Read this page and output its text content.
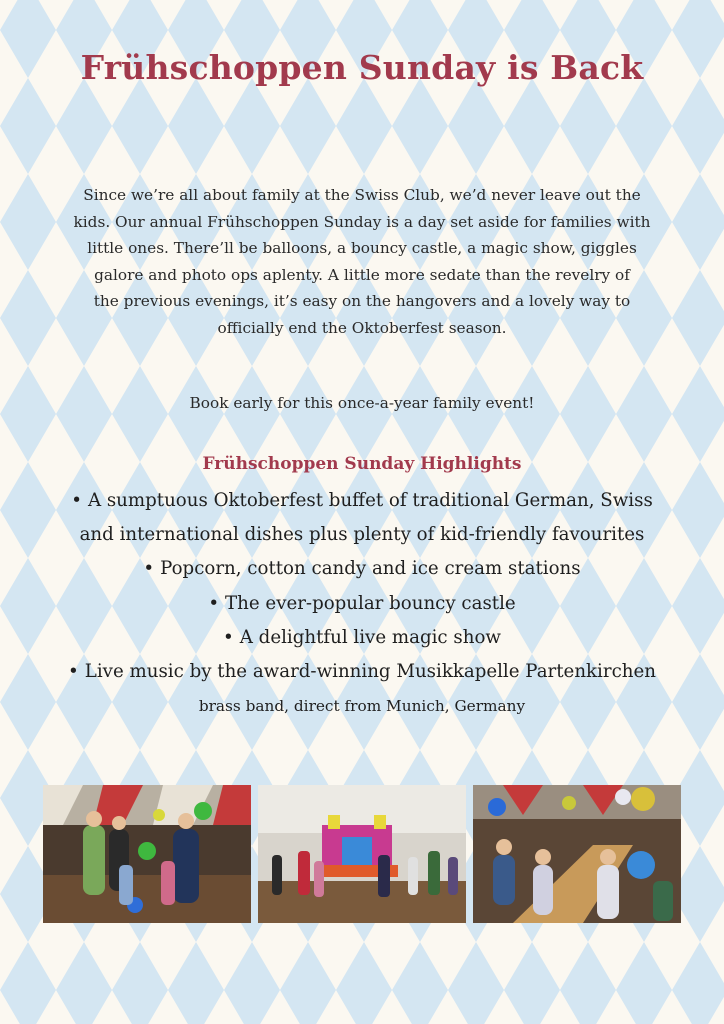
Frühschoppen Sunday is Back
Since we’re all about family at the Swiss Club, we’d never leave out the
kids. Our annual Frühschoppen Sunday is a day set aside for families with
little ones. There’ll be balloons, a bouncy castle, a magic show, giggles
galore and photo ops aplenty. A little more sedate than the revelry of
the previous evenings, it’s easy on the hangovers and a lovely way to
officially end the Oktoberfest season.
Book early for this once-a-year family event!
Frühschoppen Sunday Highlights
• A sumptuous Oktoberfest buffet of traditional German, Swiss
and international dishes plus plenty of kid-friendly favourites
• Popcorn, cotton candy and ice cream stations
• The ever-popular bouncy castle
• A delightful live magic show
• Live music by the award-winning Musikkapelle Partenkirchen
brass band, direct from Munich, Germany
